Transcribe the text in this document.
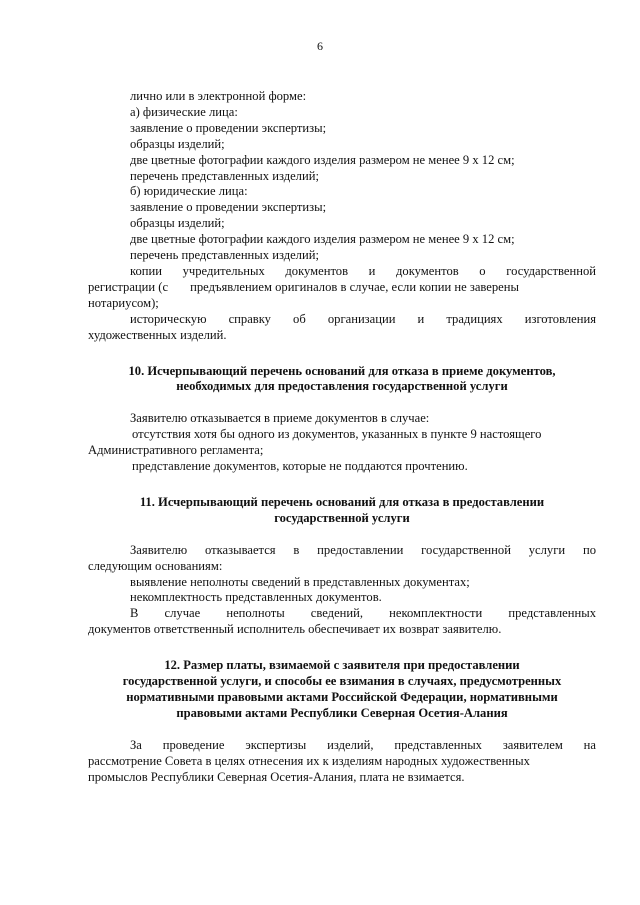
6
лично или в электронной форме:
а) физические лица:
заявление о проведении экспертизы;
образцы изделий;
две цветные фотографии каждого изделия размером не менее 9 х 12 см;
перечень представленных изделий;
б) юридические лица:
заявление о проведении экспертизы;
образцы изделий;
две цветные фотографии каждого изделия размером не менее 9 х 12 см;
перечень представленных изделий;
копии учредительных документов и документов о государственной
регистрации (с       предъявлением оригиналов в случае, если копии не заверены
нотариусом);
историческую справку об организации и традициях изготовления
художественных изделий.
10. Исчерпывающий перечень оснований для отказа в приеме документов,
необходимых для предоставления государственной услуги
Заявителю отказывается в приеме документов в случае:
отсутствия хотя бы одного из документов, указанных в пункте 9 настоящего
Административного регламента;
представление документов, которые не поддаются прочтению.
11. Исчерпывающий перечень оснований для отказа в предоставлении
государственной услуги
Заявителю отказывается в предоставлении государственной услуги по
следующим основаниям:
выявление неполноты сведений в представленных документах;
некомплектность представленных документов.
В случае неполноты сведений, некомплектности представленных
документов ответственный исполнитель обеспечивает их возврат заявителю.
12. Размер платы, взимаемой с заявителя при предоставлении
государственной услуги, и способы ее взимания в случаях, предусмотренных
нормативными правовыми актами Российской Федерации, нормативными
правовыми актами Республики Северная Осетия-Алания
За проведение экспертизы изделий, представленных заявителем на
рассмотрение Совета в целях отнесения их к изделиям народных художественных
промыслов Республики Северная Осетия-Алания, плата не взимается.
